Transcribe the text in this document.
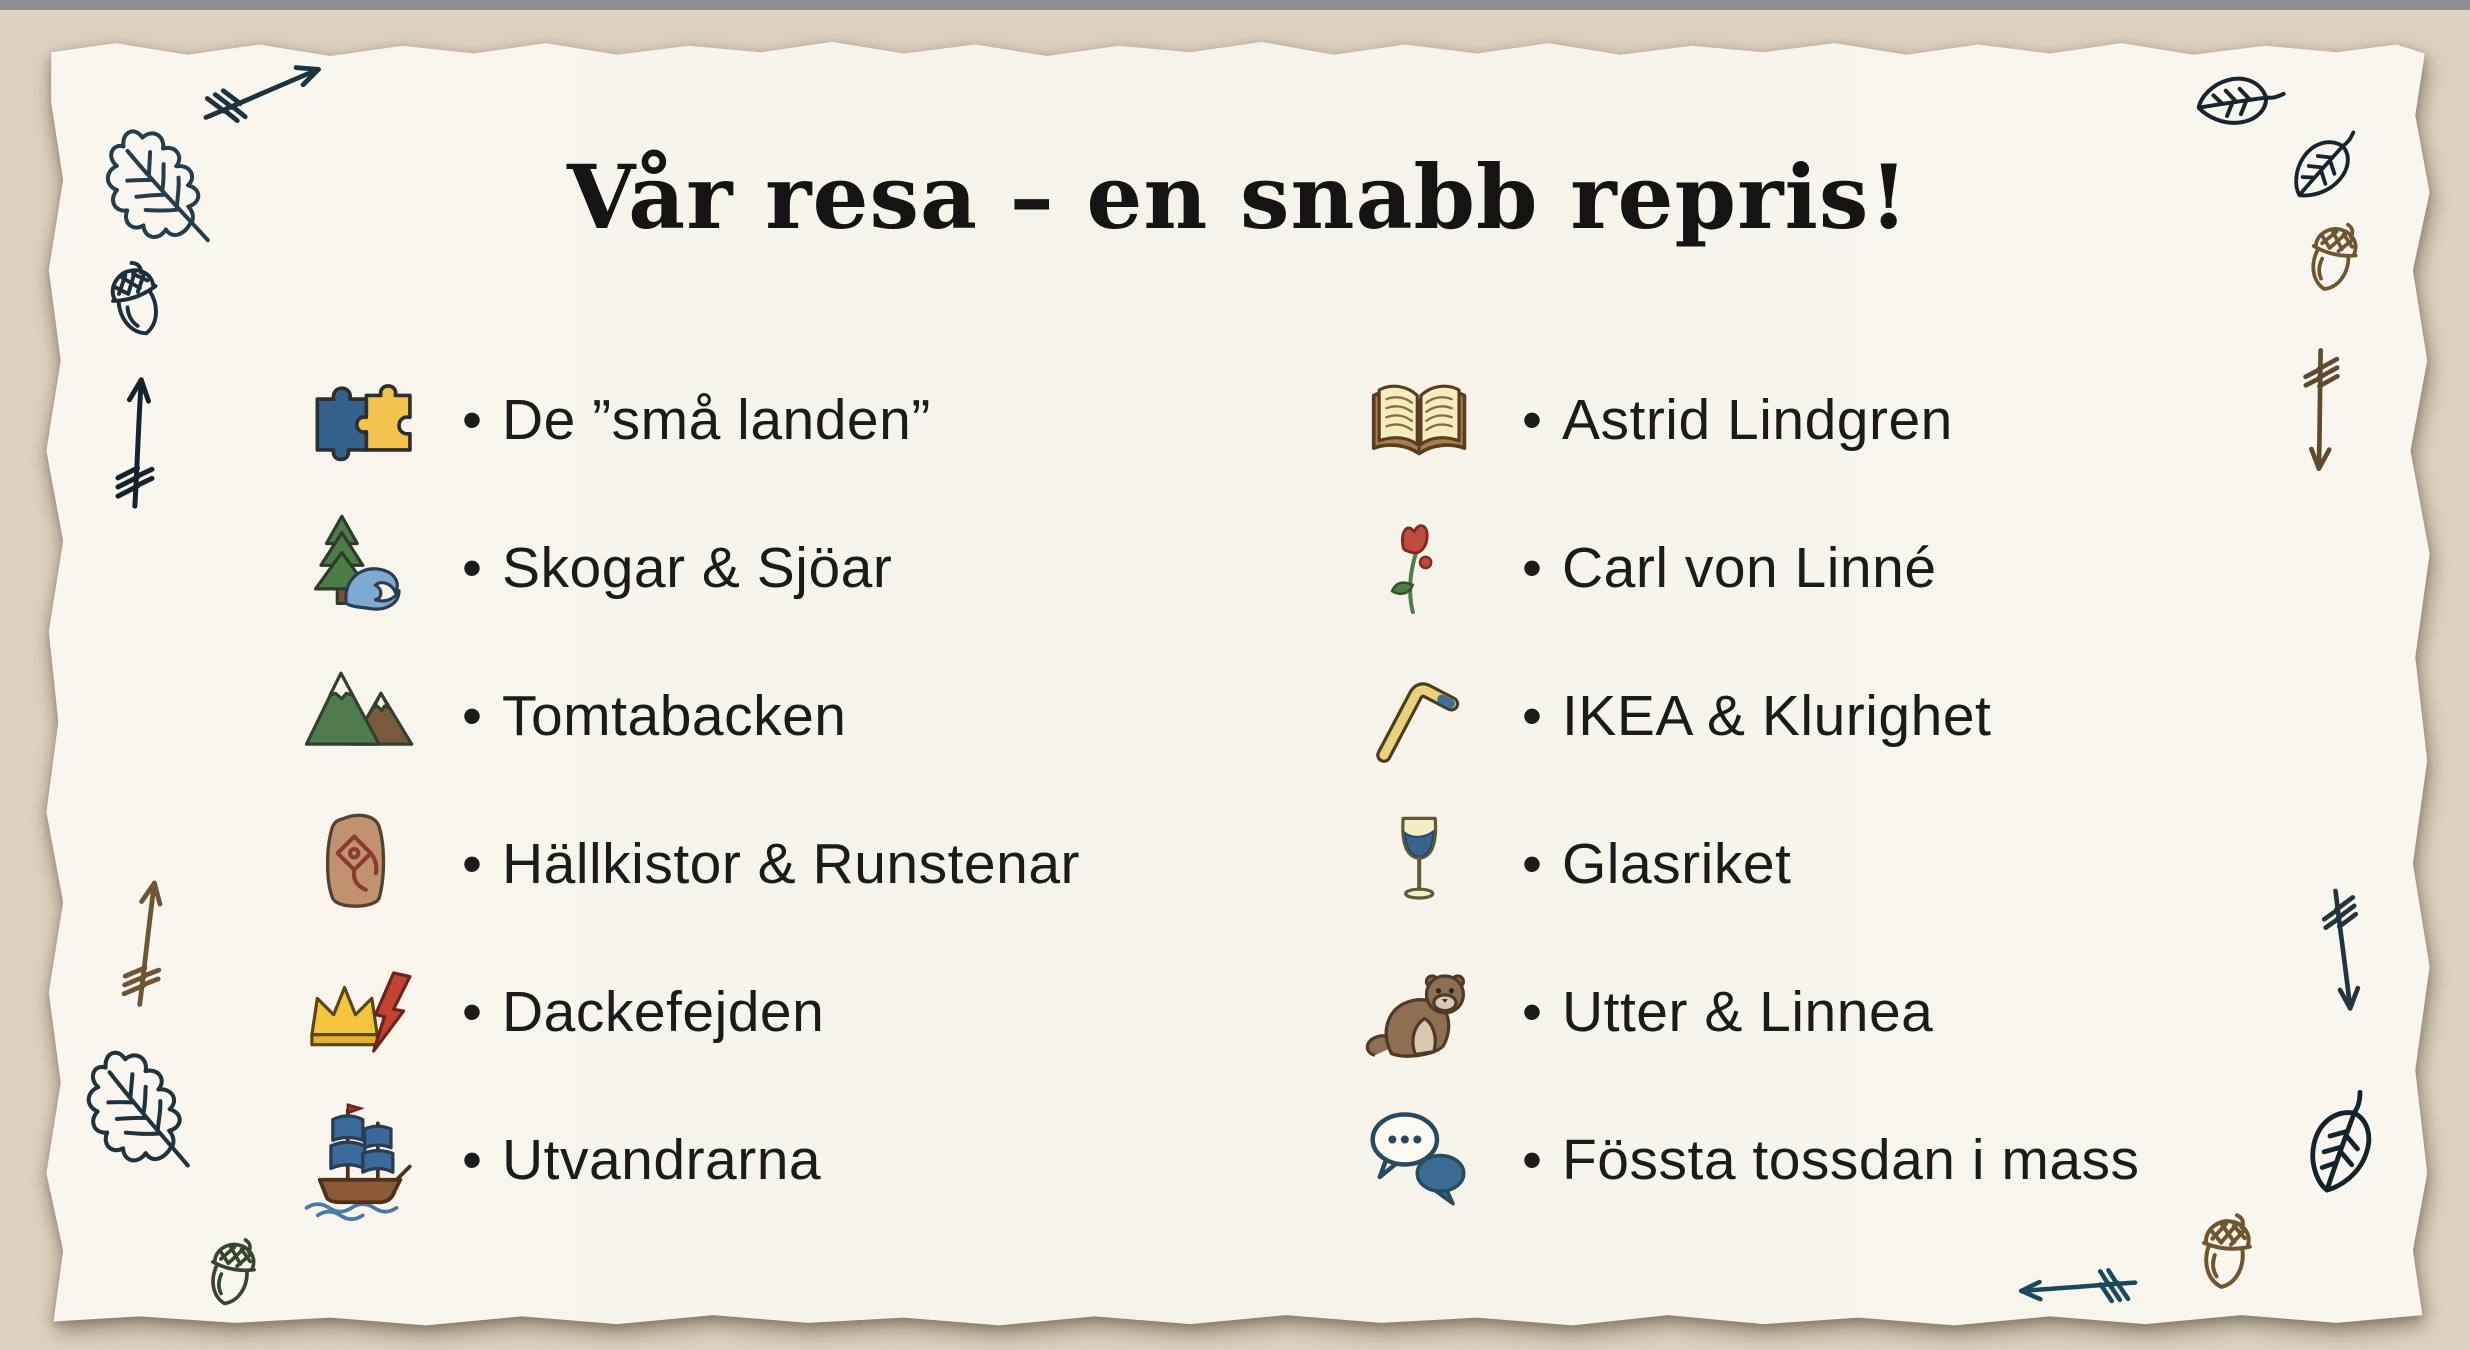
Vår resa – en snabb repris!
• De ”små landen”
• Skogar & Sjöar
• Tomtabacken
• Hällkistor & Runstenar
• Dackefejden
• Utvandrarna
• Astrid Lindgren
• Carl von Linné
• IKEA & Klurighet
• Glasriket
• Utter & Linnea
• Fössta tossdan i mass
